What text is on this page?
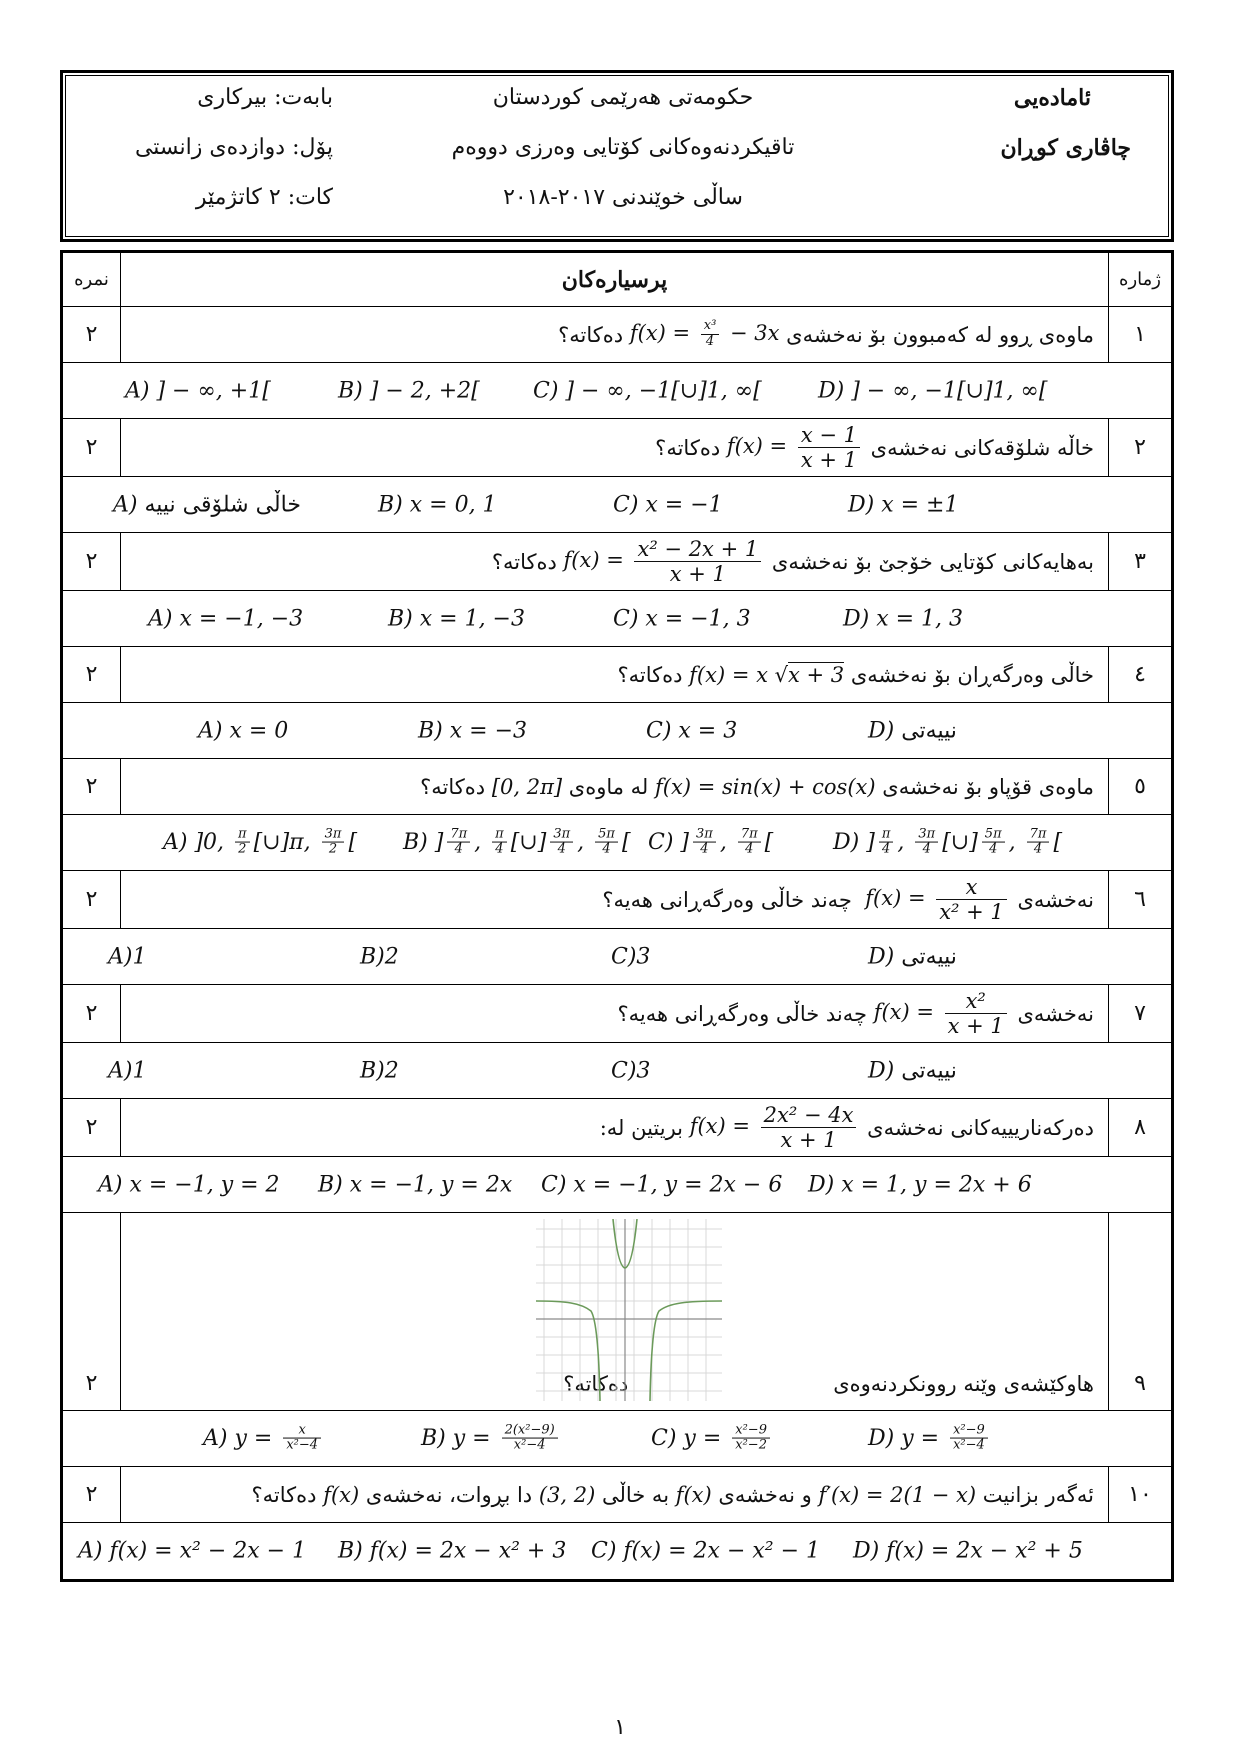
ئامادەیی
چاڤاری کوڕان
حکومەتی هەرێمی کوردستان
تاقیکردنەوەکانی کۆتایی وەرزی دووەم
ساڵی خوێندنی ٢٠١٧-٢٠١٨
بابەت: بیرکاری
پۆل: دوازدەی زانستی
کات: ٢ کاتژمێر
نمرە	پرسیارەکان	ژمارە
٢	ماوەی ڕوو لە کەمبوون بۆ نەخشەی

$f(x) = \frac{\text{x³}}{4} - 3x$

دەکاتە؟	١
A) ] − ∞, +1[	B) ] − 2, +2[ C) ] − ∞, −1[∪]1, ∞[	D) ] − ∞, −1[∪]1, ∞[
٢	خاڵە شلۆقەکانی نەخشەی

$f(x) = \frac{x - 1}{x + 1}$

دەکاتە؟	٢
A) خاڵی شلۆقی نییە	B) x = 0, 1	C) x = −1	D) x = ±1
٢	بەهایەکانی کۆتایی خۆجێ بۆ نەخشەی

$f(x) = \frac{\text{x² − 2x + 1}}{x + 1}$

دەکاتە؟	٣
A) x = −1, −3	B) x = 1, −3	C) x = −1, 3	D) x = 1, 3
٢	خاڵی وەرگەڕان بۆ نەخشەی

f(x) = x √x + 3

دەکاتە؟	٤
A) x = 0	B) x = −3	C) x = 3	D) نییەتی
٢	ماوەی قۆپاو بۆ نەخشەی

f(x) = sin(x) + cos(x)

لە ماوەی [0, 2π] دەکاتە؟	٥
A) ]0, $\frac{\pi}{2}$ [∪]π, $\frac{3\pi}{2}$ [ B) ] $\frac{7\pi}{4}$ , $\frac{\pi}{4}$ [∪] $\frac{3\pi}{4}$ , $\frac{5\pi}{4}$ [ C) ] $\frac{3\pi}{4}$ , $\frac{7\pi}{4}$ [	D) ] $\frac{\pi}{4}$ , $\frac{3\pi}{4}$ [∪] $\frac{5\pi}{4}$ , $\frac{7\pi}{4}$ [
٢	نەخشەی

$f(x) = \frac{x}{\text{x² + 1}}$

چەند خاڵی وەرگەڕانی هەیە؟	٦
A)1	B)2	C)3	D) نییەتی
٢	نەخشەی

$f(x) = \frac{\text{x²}}{x + 1}$

چەند خاڵی وەرگەڕانی هەیە؟	٧
A)1	B)2	C)3	D) نییەتی
٢	دەرکەناریییەکانی نەخشەی

$f(x) = \frac{\text{2x² − 4x}}{x + 1}$

بریتین لە:	٨
A) x = −1, y = 2 B) x = −1, y = 2x C) x = −1, y = 2x − 6 D) x = 1, y = 2x + 6
٢	هاوکێشەی وێنە روونکردنەوەی
دەکاتە؟	٩
A) $y = \frac{x}{\text{x²−4}}$	B) $y = \frac{\text{2(x²−9)}}{\text{x²−4}}$	C) $y = \frac{\text{x²−9}}{\text{x²−2}}$	D) $y = \frac{\text{x²−9}}{\text{x²−4}}$
٢	ئەگەر بزانیت

f′(x) = 2(1 − x)

و نەخشەی f(x) بە خاڵی (3, 2) دا بڕوات، نەخشەی f(x) دەکاتە؟	١٠
A) f(x) = x² − 2x − 1 B) f(x) = 2x − x² + 3 C) f(x) = 2x − x² − 1 D) f(x) = 2x − x² + 5
١
